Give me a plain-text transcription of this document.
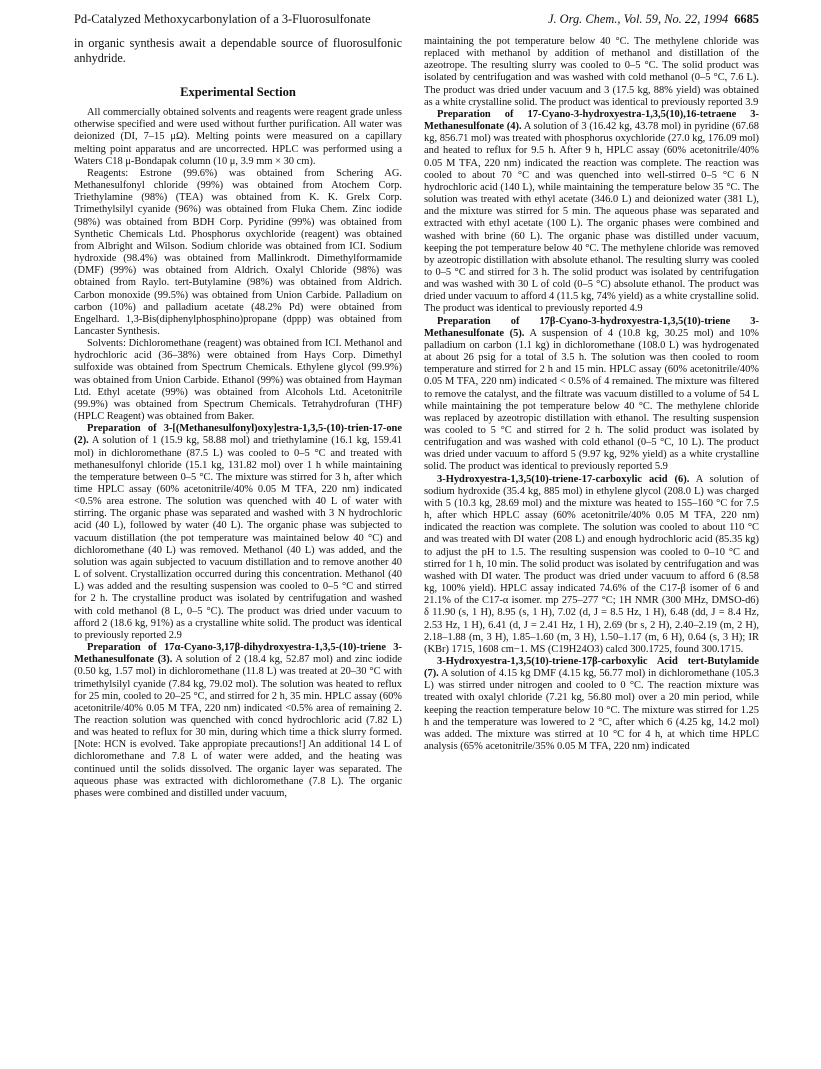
Pd-Catalyzed Methoxycarbonylation of a 3-Fluorosulfonate	J. Org. Chem., Vol. 59, No. 22, 1994 6685

in organic synthesis await a dependable source of fluorosulfonic anhydride.

Experimental Section

All commercially obtained solvents and reagents were reagent grade unless otherwise specified and were used without further purification. All water was deionized (DI, 7–15 μΩ). Melting points were measured on a capillary melting point apparatus and are uncorrected. HPLC was performed using a Waters C18 μ-Bondapak column (10 μ, 3.9 mm × 30 cm).

Reagents: Estrone (99.6%) was obtained from Schering AG. Methanesulfonyl chloride (99%) was obtained from Atochem Corp. Triethylamine (98%) (TEA) was obtained from K. K. Grelx Corp. Trimethylsilyl cyanide (96%) was obtained from Fluka Chem. Zinc iodide (98%) was obtained from BDH Corp. Pyridine (99%) was obtained from Synthetic Chemicals Ltd. Phosphorus oxychloride (reagent) was obtained from Albright and Wilson. Sodium chloride was obtained from ICI. Sodium hydroxide (98.4%) was obtained from Mallinkrodt. Dimethylformamide (DMF) (99%) was obtained from Aldrich. Oxalyl Chloride (98%) was obtained from Raylo. tert-Butylamine (98%) was obtained from Aldrich. Carbon monoxide (99.5%) was obtained from Union Carbide. Palladium on carbon (10%) and palladium acetate (48.2% Pd) were obtained from Engelhard. 1,3-Bis(diphenylphosphino)propane (dppp) was obtained from Lancaster Synthesis.

Solvents: Dichloromethane (reagent) was obtained from ICI. Methanol and hydrochloric acid (36–38%) were obtained from Hays Corp. Dimethyl sulfoxide was obtained from Spectrum Chemicals. Ethylene glycol (99.9%) was obtained from Union Carbide. Ethanol (99%) was obtained from Hayman Ltd. Ethyl acetate (99%) was obtained from Alcohols Ltd. Acetonitrile (99.9%) was obtained from Spectrum Chemicals. Tetrahydrofuran (THF) (HPLC Reagent) was obtained from Baker.

Preparation of 3-[(Methanesulfonyl)oxy]estra-1,3,5-(10)-trien-17-one (2). A solution of 1 (15.9 kg, 58.88 mol) and triethylamine (16.1 kg, 159.41 mol) in dichloromethane (87.5 L) was cooled to 0–5 °C and treated with methanesulfonyl chloride (15.1 kg, 131.82 mol) over 1 h while maintaining the temperature between 0–5 °C. The mixture was stirred for 3 h, after which time HPLC assay (60% acetonitrile/40% 0.05 M TFA, 220 nm) indicated <0.5% area estrone. The solution was quenched with 40 L of water with stirring. The organic phase was separated and washed with 3 N hydrochloric acid (40 L), followed by water (40 L). The organic phase was subjected to vacuum distillation (the pot temperature was maintained below 40 °C) and dichloromethane (40 L) was removed. Methanol (40 L) was added, and the solution was again subjected to vacuum distillation and to remove another 40 L of solvent. Crystallization occurred during this concentration. Methanol (40 L) was added and the resulting suspension was cooled to 0–5 °C and stirred for 2 h. The crystalline product was isolated by centrifugation and washed with cold methanol (8 L, 0–5 °C). The product was dried under vacuum to afford 2 (18.6 kg, 91%) as a crystalline white solid. The product was identical to previously reported 2.9

Preparation of 17α-Cyano-3,17β-dihydroxyestra-1,3,5-(10)-triene 3-Methanesulfonate (3). A solution of 2 (18.4 kg, 52.87 mol) and zinc iodide (0.50 kg, 1.57 mol) in dichloromethane (11.8 L) was treated at 20–30 °C with trimethylsilyl cyanide (7.84 kg, 79.02 mol). The solution was heated to reflux for 25 min, cooled to 20–25 °C, and stirred for 2 h, 35 min. HPLC assay (60% acetonitrile/40% 0.05 M TFA, 220 nm) indicated <0.5% area of remaining 2. The reaction solution was quenched with concd hydrochloric acid (7.82 L) and was heated to reflux for 30 min, during which time a thick slurry formed. [Note: HCN is evolved. Take appropiate precautions!] An additional 14 L of dichloromethane and 7.8 L of water were added, and the heating was continued until the solids dissolved. The organic layer was separated. The aqueous phase was extracted with dichloromethane (7.8 L). The organic phases were combined and distilled under vacuum,

maintaining the pot temperature below 40 °C. The methylene chloride was replaced with methanol by addition of methanol and distillation of the azeotrope. The resulting slurry was cooled to 0–5 °C. The solid product was isolated by centrifugation and was washed with cold methanol (0–5 °C, 7.6 L). The product was dried under vacuum and 3 (17.5 kg, 88% yield) was obtained as a white crystalline solid. The product was identical to previously reported 3.9

Preparation of 17-Cyano-3-hydroxyestra-1,3,5(10),16-tetraene 3-Methanesulfonate (4). A solution of 3 (16.42 kg, 43.78 mol) in pyridine (67.68 kg, 856.71 mol) was treated with phosphorus oxychloride (27.0 kg, 176.09 mol) and heated to reflux for 9.5 h. After 9 h, HPLC assay (60% acetonitrile/40% 0.05 M TFA, 220 nm) indicated the reaction was complete. The reaction was cooled to about 70 °C and was quenched into well-stirred 0–5 °C 6 N hydrochloric acid (140 L), while maintaining the temperature below 35 °C. The solution was treated with ethyl acetate (346.0 L) and deionized water (381 L), and the mixture was stirred for 5 min. The aqueous phase was separated and extracted with ethyl acetate (100 L). The organic phases were combined and washed with brine (60 L). The organic phase was distilled under vacuum, keeping the pot temperature below 40 °C. The methylene chloride was removed by azeotropic distillation with absolute ethanol. The resulting slurry was cooled to 0–5 °C and stirred for 3 h. The solid product was isolated by centrifugation and was washed with 30 L of cold (0–5 °C) absolute ethanol. The product was dried under vacuum to afford 4 (11.5 kg, 74% yield) as a white crystalline solid. The product was identical to previously reported 4.9

Preparation of 17β-Cyano-3-hydroxyestra-1,3,5(10)-triene 3-Methanesulfonate (5). A suspension of 4 (10.8 kg, 30.25 mol) and 10% palladium on carbon (1.1 kg) in dichloromethane (108.0 L) was hydrogenated at about 26 psig for a total of 3.5 h. The solution was then cooled to room temperature and stirred for 2 h and 15 min. HPLC assay (60% acetonitrile/40% 0.05 M TFA, 220 nm) indicated < 0.5% of 4 remained. The mixture was filtered to remove the catalyst, and the filtrate was vacuum distilled to a volume of 54 L while maintaining the pot temperature below 40 °C. The methylene chloride was replaced by azeotropic distillation with ethanol. The resulting suspension was cooled to 5 °C and stirred for 2 h. The solid product was isolated by centrifugation and was washed with cold ethanol (0–5 °C, 10 L). The product was dried under vacuum to afford 5 (9.97 kg, 92% yield) as a white crystalline solid. The product was identical to previously reported 5.9

3-Hydroxyestra-1,3,5(10)-triene-17-carboxylic acid (6). A solution of sodium hydroxide (35.4 kg, 885 mol) in ethylene glycol (208.0 L) was charged with 5 (10.3 kg, 28.69 mol) and the mixture was heated to 155–160 °C for 7.5 h, after which HPLC assay (60% acetonitrile/40% 0.05 M TFA, 220 nm) indicated the reaction was complete. The solution was cooled to about 110 °C and was treated with DI water (208 L) and enough hydrochloric acid (85.35 kg) to adjust the pH to 1.5. The resulting suspension was cooled to 0–10 °C and stirred for 1 h, 10 min. The solid product was isolated by centrifugation and was washed with DI water. The product was dried under vacuum to afford 6 (8.58 kg, 100% yield). HPLC assay indicated 74.6% of the C17-β isomer of 6 and 21.1% of the C17-α isomer. mp 275–277 °C; 1H NMR (300 MHz, DMSO-d6) δ 11.90 (s, 1 H), 8.95 (s, 1 H), 7.02 (d, J = 8.5 Hz, 1 H), 6.48 (dd, J = 8.4 Hz, 2.53 Hz, 1 H), 6.41 (d, J = 2.41 Hz, 1 H), 2.69 (br s, 2 H), 2.40–2.19 (m, 2 H), 2.18–1.88 (m, 3 H), 1.85–1.60 (m, 3 H), 1.50–1.17 (m, 6 H), 0.64 (s, 3 H); IR (KBr) 1715, 1608 cm−1. MS (C19H24O3) calcd 300.1725, found 300.1715.

3-Hydroxyestra-1,3,5(10)-triene-17β-carboxylic Acid tert-Butylamide (7). A solution of 4.15 kg DMF (4.15 kg, 56.77 mol) in dichloromethane (105.3 L) was stirred under nitrogen and cooled to 0 °C. The reaction mixture was treated with oxalyl chloride (7.21 kg, 56.80 mol) over a 20 min period, while keeping the reaction temperature below 10 °C. The mixture was stirred for 1.25 h and the temperature was lowered to 2 °C, after which 6 (4.25 kg, 14.2 mol) was added. The mixture was stirred at 10 °C for 4 h, at which time HPLC analysis (65% acetonitrile/35% 0.05 M TFA, 220 nm) indicated
